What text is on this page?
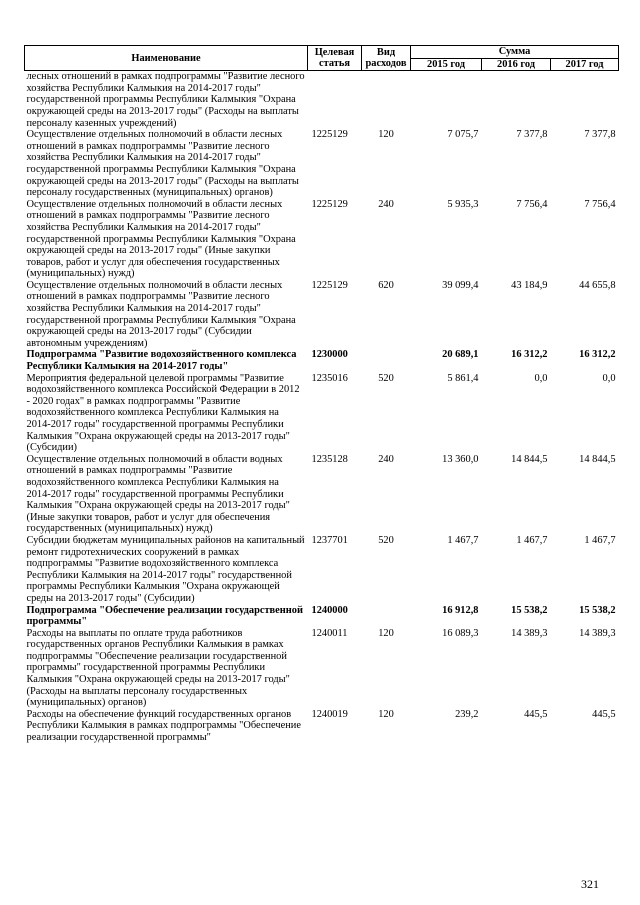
Наименование	Целевая статья	Вид расходов	Сумма		
			2015 год	2016 год	2017 год
лесных отношений в рамках подпрограммы "Развитие лесного хозяйства Республики Калмыкия на 2014-2017 годы" государственной программы Республики Калмыкия "Охрана окружающей среды на 2013-2017 годы" (Расходы на выплаты персоналу казенных учреждений)					
Осуществление отдельных полномочий в области лесных отношений в рамках подпрограммы "Развитие лесного хозяйства Республики Калмыкия на 2014-2017 годы" государственной программы Республики Калмыкия "Охрана окружающей среды на 2013-2017 годы" (Расходы на выплаты персоналу государственных (муниципальных) органов)	1225129	120	7 075,7	7 377,8	7 377,8
Осуществление отдельных полномочий в области лесных отношений в рамках подпрограммы "Развитие лесного хозяйства Республики Калмыкия на 2014-2017 годы" государственной программы Республики Калмыкия "Охрана окружающей среды на 2013-2017 годы" (Иные закупки товаров, работ и услуг для обеспечения государственных (муниципальных) нужд)	1225129	240	5 935,3	7 756,4	7 756,4
Осуществление отдельных полномочий в области лесных отношений в рамках подпрограммы "Развитие лесного хозяйства Республики Калмыкия на 2014-2017 годы" государственной программы Республики Калмыкия "Охрана окружающей среды на 2013-2017 годы" (Субсидии автономным учреждениям)	1225129	620	39 099,4	43 184,9	44 655,8
Подпрограмма "Развитие водохозяйственного комплекса Республики Калмыкия на 2014-2017 годы"	1230000		20 689,1	16 312,2	16 312,2
Мероприятия федеральной целевой программы "Развитие водохозяйственного комплекса Российской Федерации в 2012 - 2020 годах" в рамках подпрограммы "Развитие водохозяйственного комплекса Республики Калмыкия на 2014-2017 годы" государственной программы Республики Калмыкия "Охрана окружающей среды на 2013-2017 годы" (Субсидии)	1235016	520	5 861,4	0,0	0,0
Осуществление отдельных полномочий в области водных отношений в рамках подпрограммы "Развитие водохозяйственного комплекса Республики Калмыкия на 2014-2017 годы" государственной программы Республики Калмыкия "Охрана окружающей среды на 2013-2017 годы" (Иные закупки товаров, работ и услуг для обеспечения государственных (муниципальных) нужд)	1235128	240	13 360,0	14 844,5	14 844,5
Субсидии бюджетам муниципальных районов на капитальный ремонт гидротехнических сооружений в рамках подпрограммы "Развитие водохозяйственного комплекса Республики Калмыкия на 2014-2017 годы" государственной программы Республики Калмыкия "Охрана окружающей среды на 2013-2017 годы" (Субсидии)	1237701	520	1 467,7	1 467,7	1 467,7
Подпрограмма "Обеспечение реализации государственной программы"	1240000		16 912,8	15 538,2	15 538,2
Расходы на выплаты по оплате труда работников государственных органов Республики Калмыкия в рамках подпрограммы "Обеспечение реализации государственной программы" государственной программы Республики Калмыкия "Охрана окружающей среды на 2013-2017 годы" (Расходы на выплаты персоналу государственных (муниципальных) органов)	1240011	120	16 089,3	14 389,3	14 389,3
Расходы на обеспечение функций государственных органов Республики Калмыкия в рамках подпрограммы "Обеспечение реализации государственной программы"	1240019	120	239,2	445,5	445,5
321
